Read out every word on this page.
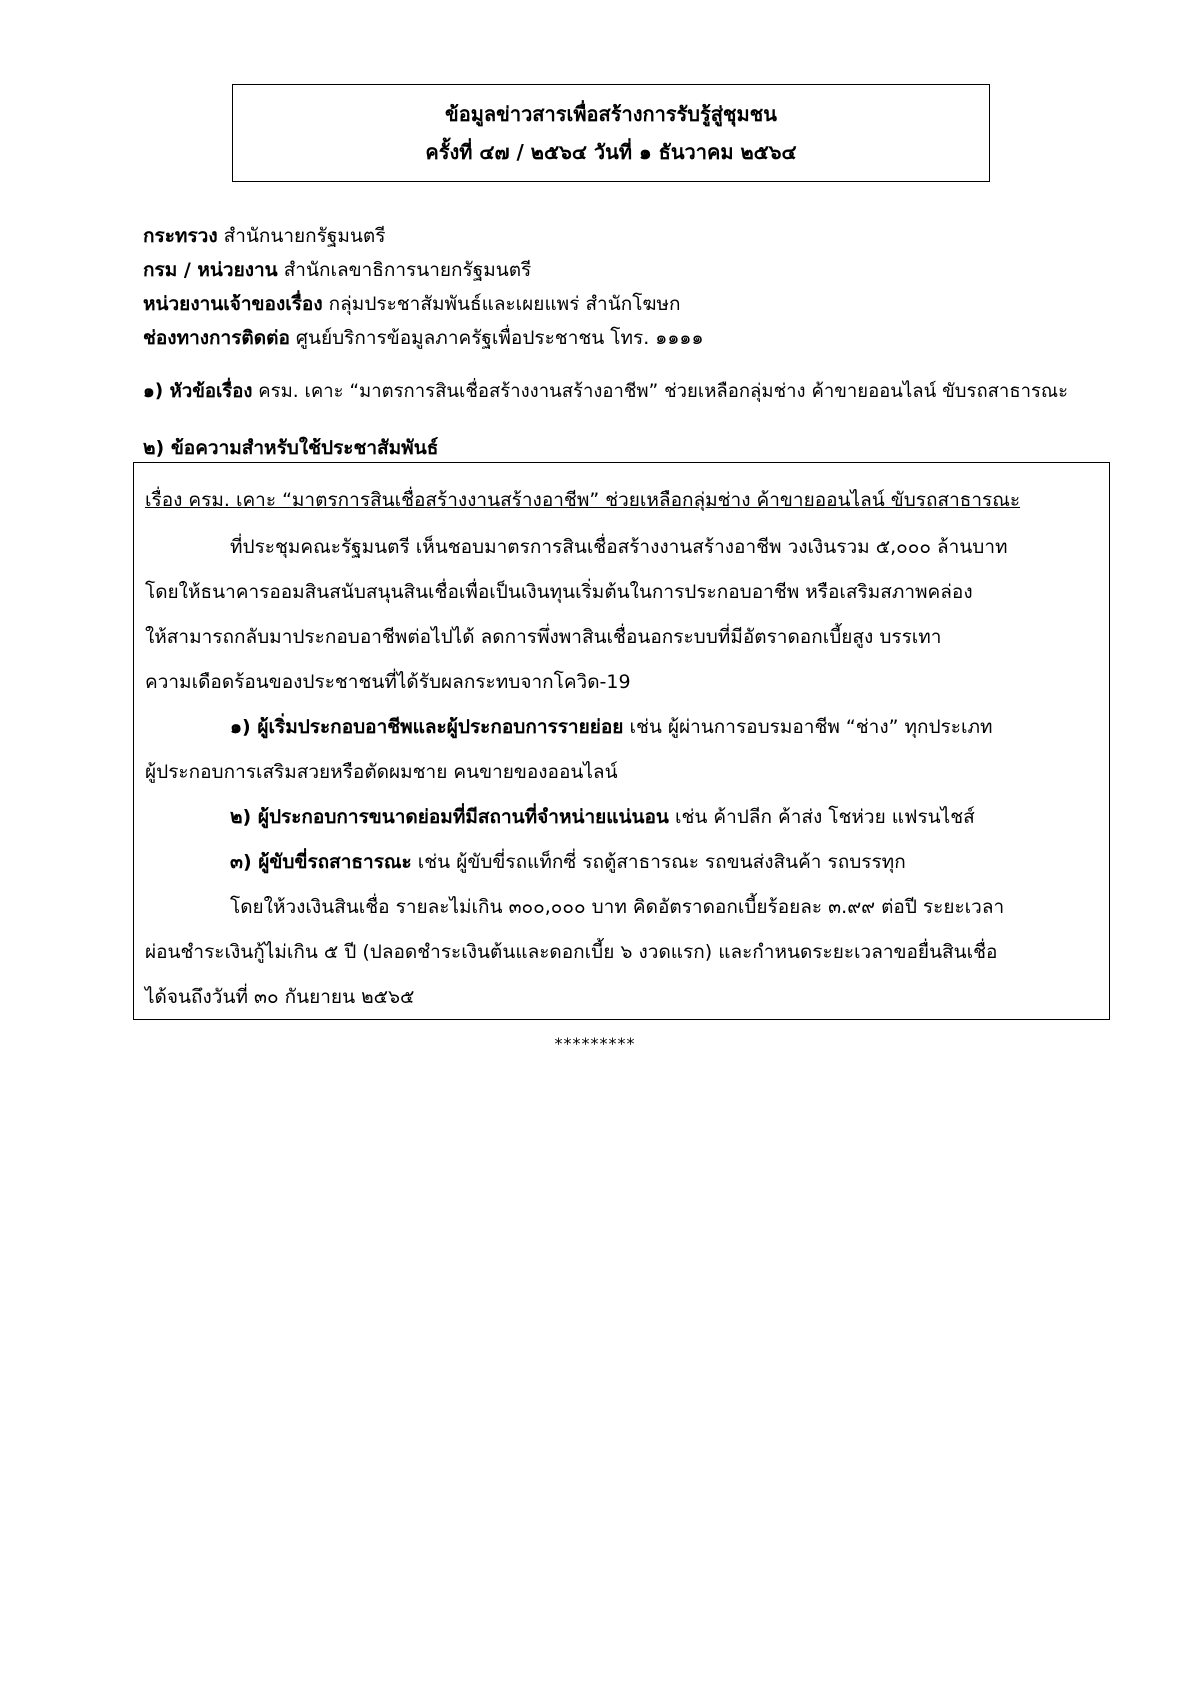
ข้อมูลข่าวสารเพื่อสร้างการรับรู้สู่ชุมชน
ครั้งที่ ๔๗ / ๒๕๖๔ วันที่ ๑ ธันวาคม ๒๕๖๔
กระทรวง สำนักนายกรัฐมนตรี
กรม / หน่วยงาน สำนักเลขาธิการนายกรัฐมนตรี
หน่วยงานเจ้าของเรื่อง กลุ่มประชาสัมพันธ์และเผยแพร่ สำนักโฆษก
ช่องทางการติดต่อ ศูนย์บริการข้อมูลภาครัฐเพื่อประชาชน โทร. ๑๑๑๑
๑) หัวข้อเรื่อง ครม. เคาะ “มาตรการสินเชื่อสร้างงานสร้างอาชีพ” ช่วยเหลือกลุ่มช่าง ค้าขายออนไลน์ ขับรถสาธารณะ
๒) ข้อความสำหรับใช้ประชาสัมพันธ์
เรื่อง ครม. เคาะ “มาตรการสินเชื่อสร้างงานสร้างอาชีพ” ช่วยเหลือกลุ่มช่าง ค้าขายออนไลน์ ขับรถสาธารณะ
ที่ประชุมคณะรัฐมนตรี เห็นชอบมาตรการสินเชื่อสร้างงานสร้างอาชีพ วงเงินรวม ๕,๐๐๐ ล้านบาท
โดยให้ธนาคารออมสินสนับสนุนสินเชื่อเพื่อเป็นเงินทุนเริ่มต้นในการประกอบอาชีพ หรือเสริมสภาพคล่อง
ให้สามารถกลับมาประกอบอาชีพต่อไปได้ ลดการพึ่งพาสินเชื่อนอกระบบที่มีอัตราดอกเบี้ยสูง บรรเทา
ความเดือดร้อนของประชาชนที่ได้รับผลกระทบจากโควิด-19
๑) ผู้เริ่มประกอบอาชีพและผู้ประกอบการรายย่อย เช่น ผู้ผ่านการอบรมอาชีพ “ช่าง” ทุกประเภท
ผู้ประกอบการเสริมสวยหรือตัดผมชาย คนขายของออนไลน์
๒) ผู้ประกอบการขนาดย่อมที่มีสถานที่จำหน่ายแน่นอน เช่น ค้าปลีก ค้าส่ง โชห่วย แฟรนไชส์
๓) ผู้ขับขี่รถสาธารณะ เช่น ผู้ขับขี่รถแท็กซี่ รถตู้สาธารณะ รถขนส่งสินค้า รถบรรทุก
โดยให้วงเงินสินเชื่อ รายละไม่เกิน ๓๐๐,๐๐๐ บาท คิดอัตราดอกเบี้ยร้อยละ ๓.๙๙ ต่อปี ระยะเวลา
ผ่อนชำระเงินกู้ไม่เกิน ๕ ปี (ปลอดชำระเงินต้นและดอกเบี้ย ๖ งวดแรก) และกำหนดระยะเวลาขอยื่นสินเชื่อ
ได้จนถึงวันที่ ๓๐ กันยายน ๒๕๖๕
*********
